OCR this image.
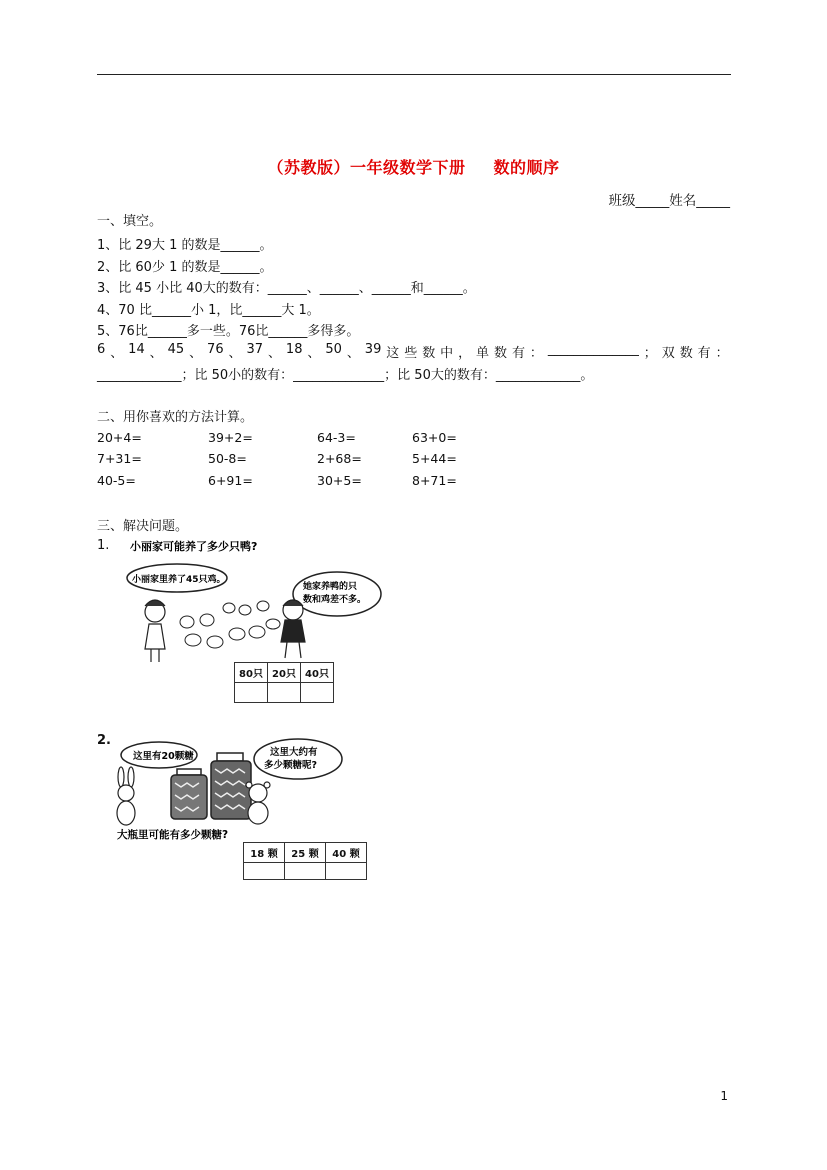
（苏教版）一年级数学下册 数的顺序
班级_____姓名_____
一、填空。
1、比 29大 1 的数是______。
2、比 60少 1 的数是______。
3、比 45 小比 40大的数有：______、______、______和______。
4、70 比______小 1，比______大 1。
5、76比______多一些。76比______多得多。
6 、 14 、 45 、 76 、 37 、 18 、 50 、 39 这 些 数 中 ， 单 数 有 ： ______________ ； 双 数 有 ：
_____________；比 50小的数有：______________；比 50大的数有：_____________。
二、用你喜欢的方法计算。
20+4=	39+2=	64-3=	63+0=
7+31=	50-8=	2+68=	5+44=
40-5=	6+91=	30+5=	8+71=
三、解决问题。
1. 小丽家可能养了多少只鸭?
小丽家里养了45只鸡。
她家养鸭的只
数和鸡差不多。
80只	20只	40只

2.
这里有20颗糖	这里大约有
多少颗糖呢?
大瓶里可能有多少颗糖?
18 颗	25 颗	40 颗

1
